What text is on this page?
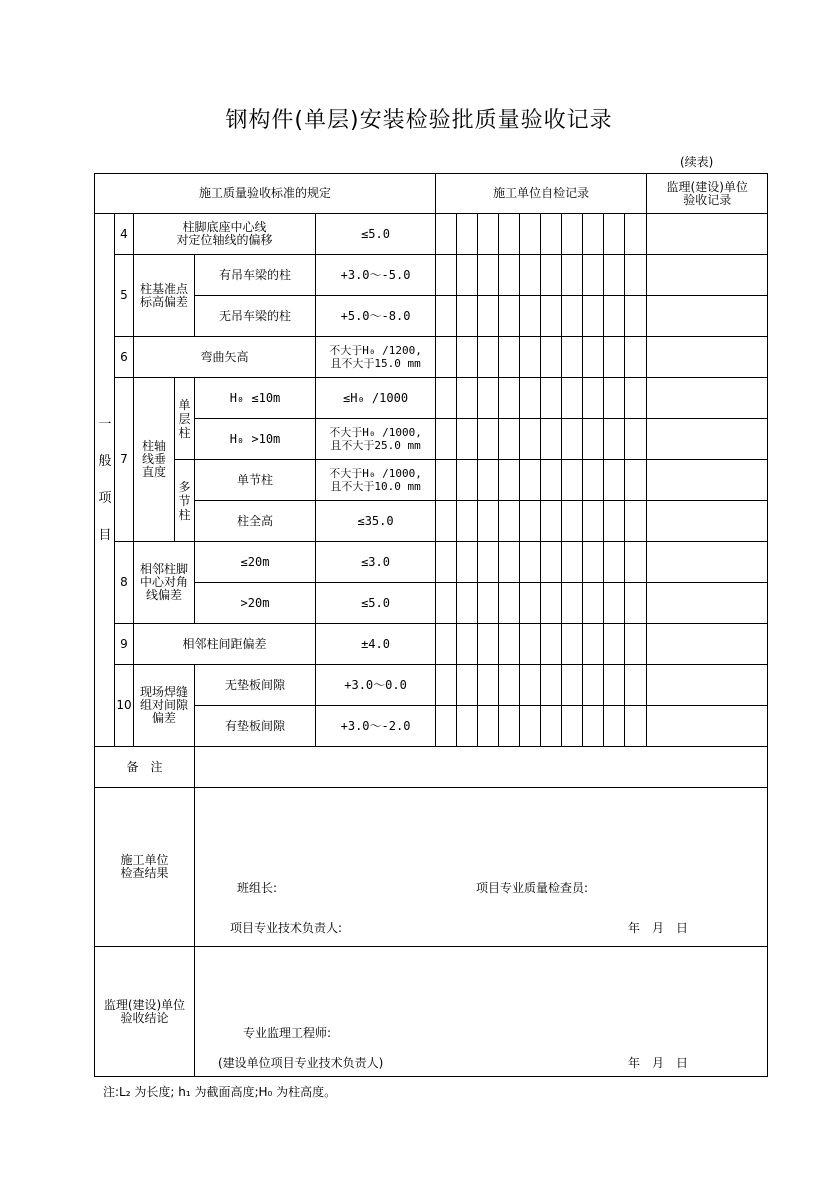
钢构件(单层)安装检验批质量验收记录
(续表)
施工质量验收标准的规定						施工单位自检记录										监理(建设)单位
验收记录

一般项目	4	柱脚底座中心线
对定位轴线的偏移			≤5.0											
	5	柱基准点
标高偏差		有吊车梁的柱	+3.0～-5.0											
				无吊车梁的柱	+5.0～-8.0											
	6	弯曲矢高			不大于H₀ /1200,
且不大于15.0 mm											
	7	柱轴
线垂
直度	单层柱	H₀ ≤10m	≤H₀ /1000											
				H₀ >10m	不大于H₀ /1000,
且不大于25.0 mm											

			多节柱	单节柱	不大于H₀ /1000,
且不大于10.0 mm											
				柱全高	≤35.0											
	8	相邻柱脚
中心对角
线偏差		≤20m	≤3.0											
				>20m	≤5.0											
	9	相邻柱间距偏差			±4.0											
	10	现场焊缝
组对间隙
偏差		无垫板间隙	+3.0～0.0											
				有垫板间隙	+3.0～-2.0											
备　注																
施工单位
检查结果																
监理(建设)单位
验收结论																
班组长:	项目专业质量检查员:
项目专业技术负责人:	年　月　日
专业监理工程师:
(建设单位项目专业技术负责人)	年　月　日
注:L₂ 为长度; h₁ 为截面高度;H₀ 为柱高度。
